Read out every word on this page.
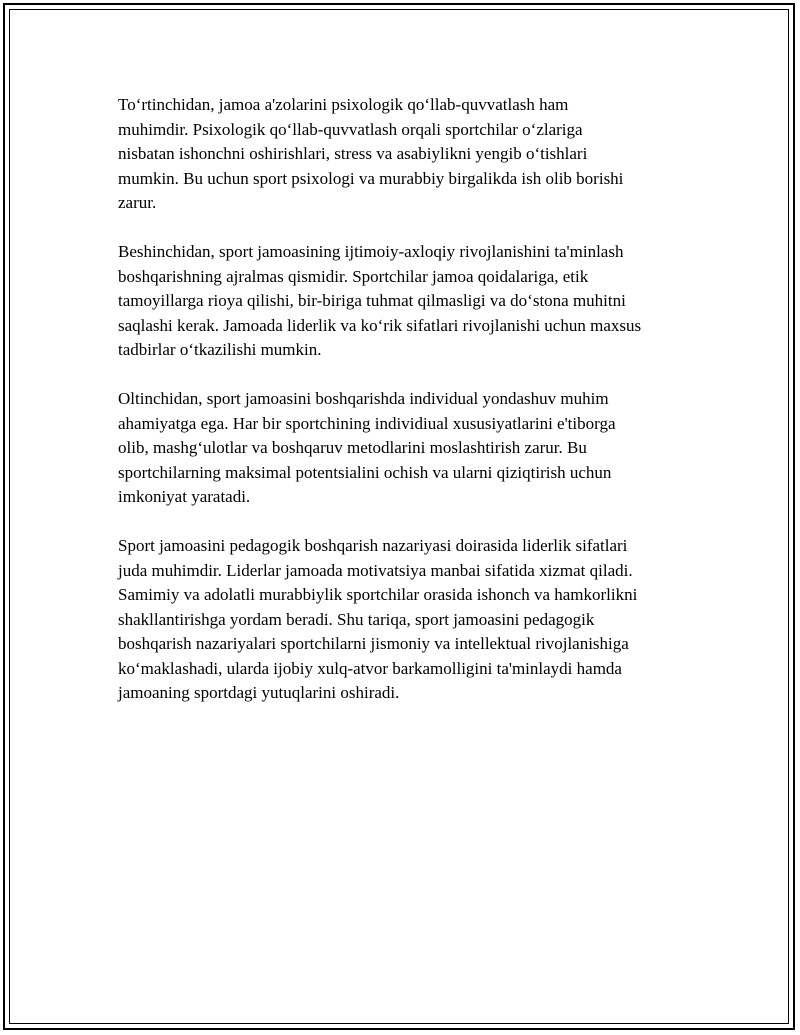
To‘rtinchidan, jamoa a'zolarini psixologik qo‘llab-quvvatlash ham
muhimdir. Psixologik qo‘llab-quvvatlash orqali sportchilar o‘zlariga
nisbatan ishonchni oshirishlari, stress va asabiylikni yengib o‘tishlari
mumkin. Bu uchun sport psixologi va murabbiy birgalikda ish olib borishi
zarur.

Beshinchidan, sport jamoasining ijtimoiy-axloqiy rivojlanishini ta'minlash
boshqarishning ajralmas qismidir. Sportchilar jamoa qoidalariga, etik
tamoyillarga rioya qilishi, bir-biriga tuhmat qilmasligi va do‘stona muhitni
saqlashi kerak. Jamoada liderlik va ko‘rik sifatlari rivojlanishi uchun maxsus
tadbirlar o‘tkazilishi mumkin.

Oltinchidan, sport jamoasini boshqarishda individual yondashuv muhim
ahamiyatga ega. Har bir sportchining individiual xususiyatlarini e'tiborga
olib, mashg‘ulotlar va boshqaruv metodlarini moslashtirish zarur. Bu
sportchilarning maksimal potentsialini ochish va ularni qiziqtirish uchun
imkoniyat yaratadi.

Sport jamoasini pedagogik boshqarish nazariyasi doirasida liderlik sifatlari
juda muhimdir. Liderlar jamoada motivatsiya manbai sifatida xizmat qiladi.
Samimiy va adolatli murabbiylik sportchilar orasida ishonch va hamkorlikni
shakllantirishga yordam beradi. Shu tariqa, sport jamoasini pedagogik
boshqarish nazariyalari sportchilarni jismoniy va intellektual rivojlanishiga
ko‘maklashadi, ularda ijobiy xulq-atvor barkamolligini ta'minlaydi hamda
jamoaning sportdagi yutuqlarini oshiradi.
